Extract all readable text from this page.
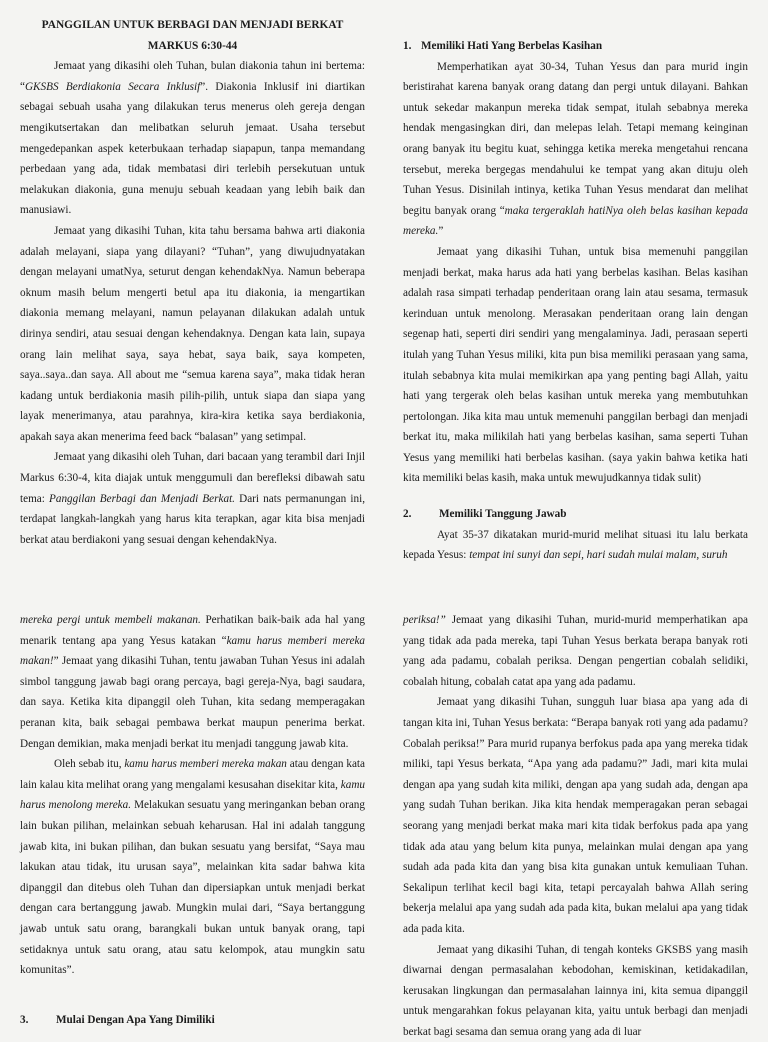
PANGGILAN UNTUK BERBAGI DAN MENJADI BERKAT
MARKUS 6:30-44

Jemaat yang dikasihi oleh Tuhan, bulan diakonia tahun ini bertema: “GKSBS Berdiakonia Secara Inklusif”. Diakonia Inklusif ini diartikan sebagai sebuah usaha yang dilakukan terus menerus oleh gereja dengan mengikutsertakan dan melibatkan seluruh jemaat. Usaha tersebut mengedepankan aspek keterbukaan terhadap siapapun, tanpa memandang perbedaan yang ada, tidak membatasi diri terlebih persekutuan untuk melakukan diakonia, guna menuju sebuah keadaan yang lebih baik dan manusiawi.

Jemaat yang dikasihi Tuhan, kita tahu bersama bahwa arti diakonia adalah melayani, siapa yang dilayani? “Tuhan”, yang diwujudnyatakan dengan melayani umatNya, seturut dengan kehendakNya. Namun beberapa oknum masih belum mengerti betul apa itu diakonia, ia mengartikan diakonia memang melayani, namun pelayanan dilakukan adalah untuk dirinya sendiri, atau sesuai dengan kehendaknya. Dengan kata lain, supaya orang lain melihat saya, saya hebat, saya baik, saya kompeten, saya..saya..dan saya. All about me “semua karena saya”, maka tidak heran kadang untuk berdiakonia masih pilih-pilih, untuk siapa dan siapa yang layak menerimanya, atau parahnya, kira-kira ketika saya berdiakonia, apakah saya akan menerima feed back “balasan” yang setimpal.

Jemaat yang dikasihi oleh Tuhan, dari bacaan yang terambil dari Injil Markus 6:30-4, kita diajak untuk menggumuli dan berefleksi dibawah satu tema: Panggilan Berbagi dan Menjadi Berkat. Dari nats permanungan ini, terdapat langkah-langkah yang harus kita terapkan, agar kita bisa menjadi berkat atau berdiakoni yang sesuai dengan kehendakNya.

1. Memiliki Hati Yang Berbelas Kasihan

Memperhatikan ayat 30-34, Tuhan Yesus dan para murid ingin beristirahat karena banyak orang datang dan pergi untuk dilayani. Bahkan untuk sekedar makanpun mereka tidak sempat, itulah sebabnya mereka hendak mengasingkan diri, dan melepas lelah. Tetapi memang keinginan orang banyak itu begitu kuat, sehingga ketika mereka mengetahui rencana tersebut, mereka bergegas mendahului ke tempat yang akan dituju oleh Tuhan Yesus. Disinilah intinya, ketika Tuhan Yesus mendarat dan melihat begitu banyak orang “maka tergeraklah hatiNya oleh belas kasihan kepada mereka.”

Jemaat yang dikasihi Tuhan, untuk bisa memenuhi panggilan menjadi berkat, maka harus ada hati yang berbelas kasihan. Belas kasihan adalah rasa simpati terhadap penderitaan orang lain atau sesama, termasuk kerinduan untuk menolong. Merasakan penderitaan orang lain dengan segenap hati, seperti diri sendiri yang mengalaminya. Jadi, perasaan seperti itulah yang Tuhan Yesus miliki, kita pun bisa memiliki perasaan yang sama, itulah sebabnya kita mulai memikirkan apa yang penting bagi Allah, yaitu hati yang tergerak oleh belas kasihan untuk mereka yang membutuhkan pertolongan. Jika kita mau untuk memenuhi panggilan berbagi dan menjadi berkat itu, maka milikilah hati yang berbelas kasihan, sama seperti Tuhan Yesus yang memiliki hati berbelas kasihan. (saya yakin bahwa ketika hati kita memiliki belas kasih, maka untuk mewujudkannya tidak sulit)

2.	Memiliki Tanggung Jawab

Ayat 35-37 dikatakan murid-murid melihat situasi itu lalu berkata kepada Yesus: tempat ini sunyi dan sepi, hari sudah mulai malam, suruh

mereka pergi untuk membeli makanan. Perhatikan baik-baik ada hal yang menarik tentang apa yang Yesus katakan “kamu harus memberi mereka makan!” Jemaat yang dikasihi Tuhan, tentu jawaban Tuhan Yesus ini adalah simbol tanggung jawab bagi orang percaya, bagi gereja-Nya, bagi saudara, dan saya. Ketika kita dipanggil oleh Tuhan, kita sedang memperagakan peranan kita, baik sebagai pembawa berkat maupun penerima berkat. Dengan demikian, maka menjadi berkat itu menjadi tanggung jawab kita.

Oleh sebab itu, kamu harus memberi mereka makan atau dengan kata lain kalau kita melihat orang yang mengalami kesusahan disekitar kita, kamu harus menolong mereka. Melakukan sesuatu yang meringankan beban orang lain bukan pilihan, melainkan sebuah keharusan. Hal ini adalah tanggung jawab kita, ini bukan pilihan, dan bukan sesuatu yang bersifat, “Saya mau lakukan atau tidak, itu urusan saya”, melainkan kita sadar bahwa kita dipanggil dan ditebus oleh Tuhan dan dipersiapkan untuk menjadi berkat dengan cara bertanggung jawab. Mungkin mulai dari, “Saya bertanggung jawab untuk satu orang, barangkali bukan untuk banyak orang, tapi setidaknya untuk satu orang, atau satu kelompok, atau mungkin satu komunitas”.

periksa!” Jemaat yang dikasihi Tuhan, murid-murid memperhatikan apa yang tidak ada pada mereka, tapi Tuhan Yesus berkata berapa banyak roti yang ada padamu, cobalah periksa. Dengan pengertian cobalah selidiki, cobalah hitung, cobalah catat apa yang ada padamu.

Jemaat yang dikasihi Tuhan, sungguh luar biasa apa yang ada di tangan kita ini, Tuhan Yesus berkata: “Berapa banyak roti yang ada padamu? Cobalah periksa!” Para murid rupanya berfokus pada apa yang mereka tidak miliki, tapi Yesus berkata, “Apa yang ada padamu?” Jadi, mari kita mulai dengan apa yang sudah kita miliki, dengan apa yang sudah ada, dengan apa yang sudah Tuhan berikan. Jika kita hendak memperagakan peran sebagai seorang yang menjadi berkat maka mari kita tidak berfokus pada apa yang tidak ada atau yang belum kita punya, melainkan mulai dengan apa yang sudah ada pada kita dan yang bisa kita gunakan untuk kemuliaan Tuhan. Sekalipun terlihat kecil bagi kita, tetapi percayalah bahwa Allah sering bekerja melalui apa yang sudah ada pada kita, bukan melalui apa yang tidak ada pada kita.

Jemaat yang dikasihi Tuhan, di tengah konteks GKSBS yang masih diwarnai dengan permasalahan kebodohan, kemiskinan, ketidakadilan, kerusakan lingkungan dan permasalahan lainnya ini, kita semua dipanggil untuk mengarahkan fokus pelayanan kita, yaitu untuk berbagi dan menjadi berkat bagi sesama dan semua orang yang ada di luar

3.	Mulai Dengan Apa Yang Dimiliki
